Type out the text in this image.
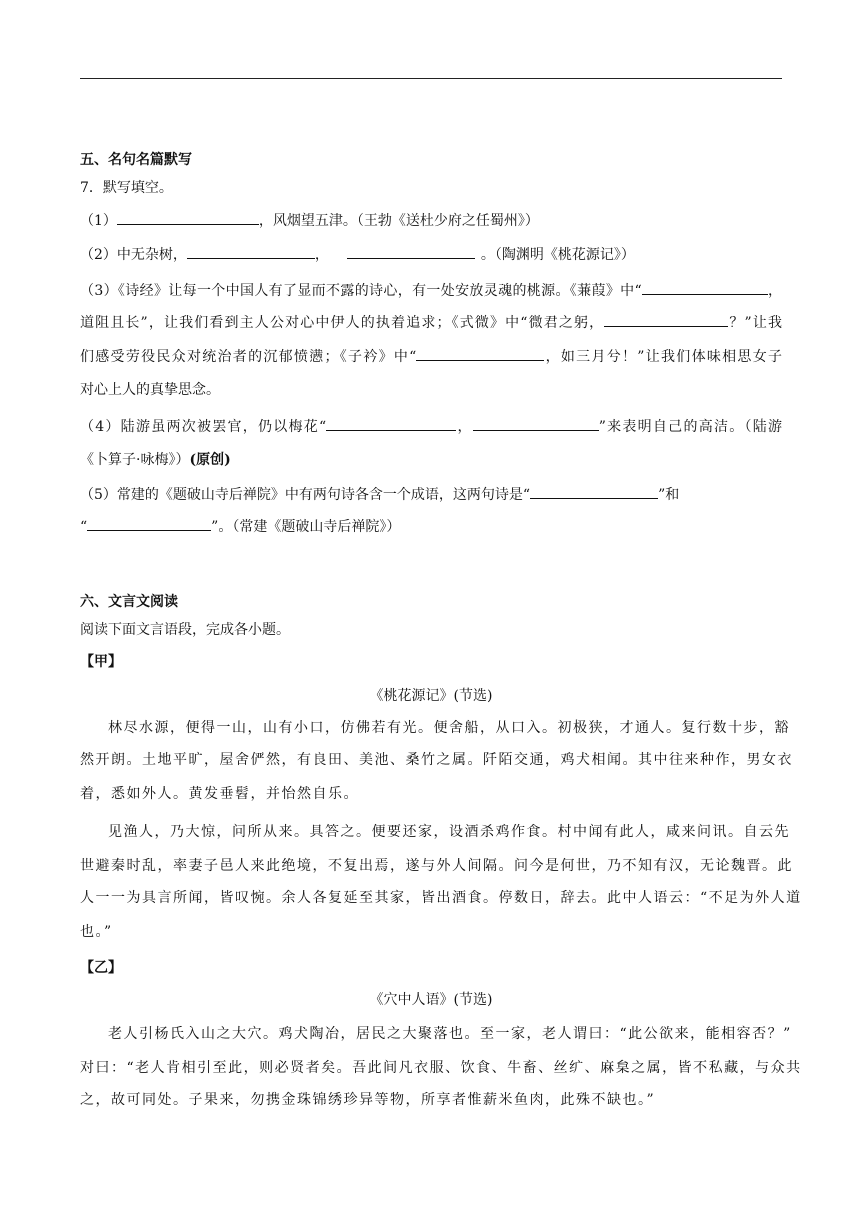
五、名句名篇默写
7．默写填空。
（1）	，风烟望五津。（王勃《送杜少府之任蜀州》）
（2）中无杂树，	，	。（陶渊明《桃花源记》）
（3）《诗经》让每一个中国人有了显而不露的诗心，有一处安放灵魂的桃源。《蒹葭》中“	，
道阻且长”，让我们看到主人公对心中伊人的执着追求；《式微》中“微君之躬，	？”让我
们感受劳役民众对统治者的沉郁愤懑；《子衿》中“	，如三月兮！”让我们体味相思女子
对心上人的真挚思念。
（4）陆游虽两次被罢官，仍以梅花“	，	”来表明自己的高洁。（陆游
《卜算子·咏梅》）(原创)
（5）常建的《题破山寺后禅院》中有两句诗各含一个成语，这两句诗是“	”和
“	”。（常建《题破山寺后禅院》）
六、文言文阅读
阅读下面文言语段，完成各小题。
【甲】
《桃花源记》(节选)
林尽水源，便得一山，山有小口，仿佛若有光。便舍船，从口入。初极狭，才通人。复行数十步，豁
然开朗。土地平旷，屋舍俨然，有良田、美池、桑竹之属。阡陌交通，鸡犬相闻。其中往来种作，男女衣
着，悉如外人。黄发垂髫，并怡然自乐。
见渔人，乃大惊，问所从来。具答之。便要还家，设酒杀鸡作食。村中闻有此人，咸来问讯。自云先
世避秦时乱，率妻子邑人来此绝境，不复出焉，遂与外人间隔。问今是何世，乃不知有汉，无论魏晋。此
人一一为具言所闻，皆叹惋。余人各复延至其家，皆出酒食。停数日，辞去。此中人语云：“不足为外人道
也。”
【乙】
《穴中人语》(节选)
老人引杨氏入山之大穴。鸡犬陶冶，居民之大聚落也。至一家，老人谓曰：“此公欲来，能相容否？”
对曰：“老人肯相引至此，则必贤者矣。吾此间凡衣服、饮食、牛畜、丝纩、麻枲之属，皆不私藏，与众共
之，故可同处。子果来，勿携金珠锦绣珍异等物，所享者惟薪米鱼肉，此殊不缺也。”
